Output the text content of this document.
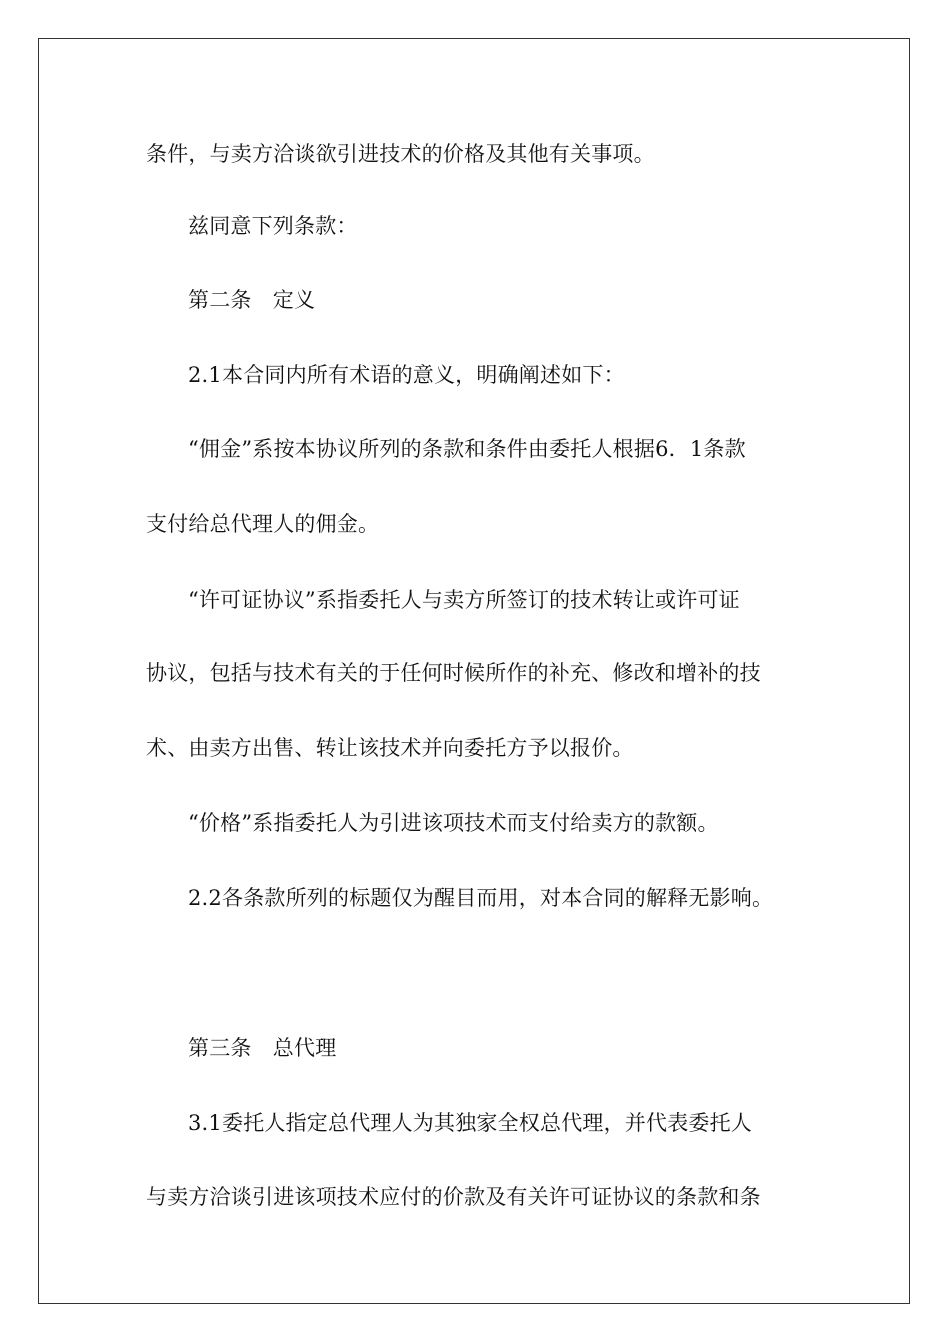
条件，与卖方洽谈欲引进技术的价格及其他有关事项。
兹同意下列条款：
第二条　定义
2.1本合同内所有术语的意义，明确阐述如下：
“佣金”系按本协议所列的条款和条件由委托人根据6．1条款
支付给总代理人的佣金。
“许可证协议”系指委托人与卖方所签订的技术转让或许可证
协议，包括与技术有关的于任何时候所作的补充、修改和增补的技
术、由卖方出售、转让该技术并向委托方予以报价。
“价格”系指委托人为引进该项技术而支付给卖方的款额。
2.2各条款所列的标题仅为醒目而用，对本合同的解释无影响。
第三条　总代理
3.1委托人指定总代理人为其独家全权总代理，并代表委托人
与卖方洽谈引进该项技术应付的价款及有关许可证协议的条款和条
